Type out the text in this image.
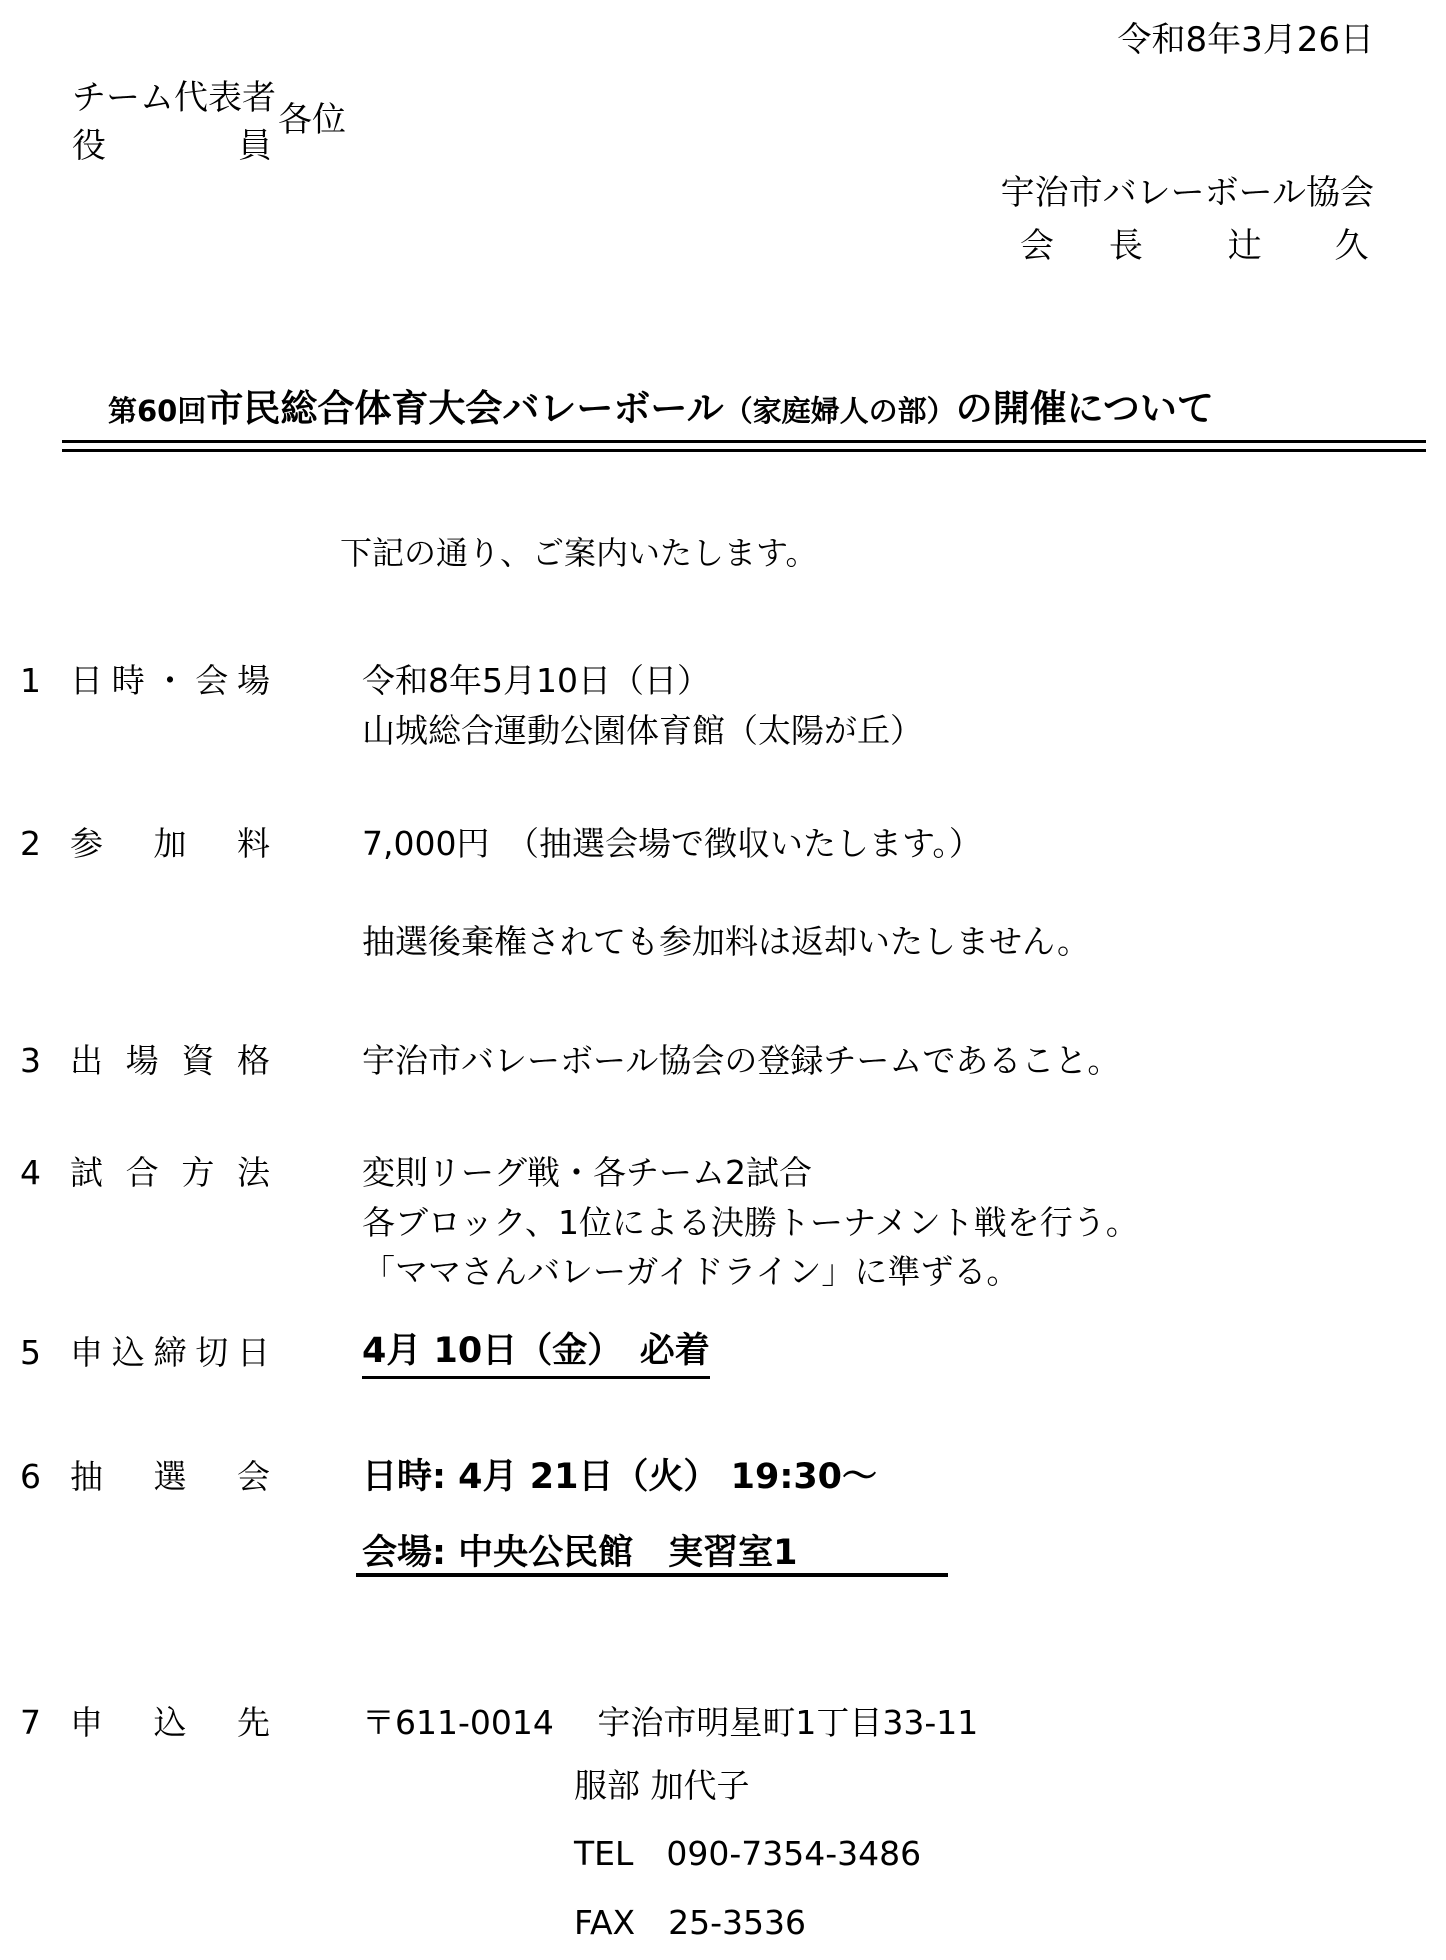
令和8年3月26日
チーム代表者
役	員
各位
宇治市バレーボール協会
会 長 辻 久
第60回市民総合体育大会バレーボール（家庭婦人の部）の開催について
下記の通り、ご案内いたします。
1 日 時 ・ 会 場	令和8年5月10日（日）
山城総合運動公園体育館（太陽が丘）
2 参 加 料	7,000円　（抽選会場で徴収いたします。）
抽選後棄権されても参加料は返却いたしません。
3 出 場 資 格	宇治市バレーボール協会の登録チームであること。
4 試 合 方 法	変則リーグ戦・各チーム2試合
各ブロック、1位による決勝トーナメント戦を行う。
「ママさんバレーガイドライン」に準ずる。
5 申 込 締 切 日	4月 10日（金）　必着
6 抽 選 会	日時: 4月 21日（火） 19:30～
会場: 中央公民館　実習室1
7 申 込 先	〒611-0014　 宇治市明星町1丁目33-11
服部 加代子
TEL　090-7354-3486
FAX　25-3536
